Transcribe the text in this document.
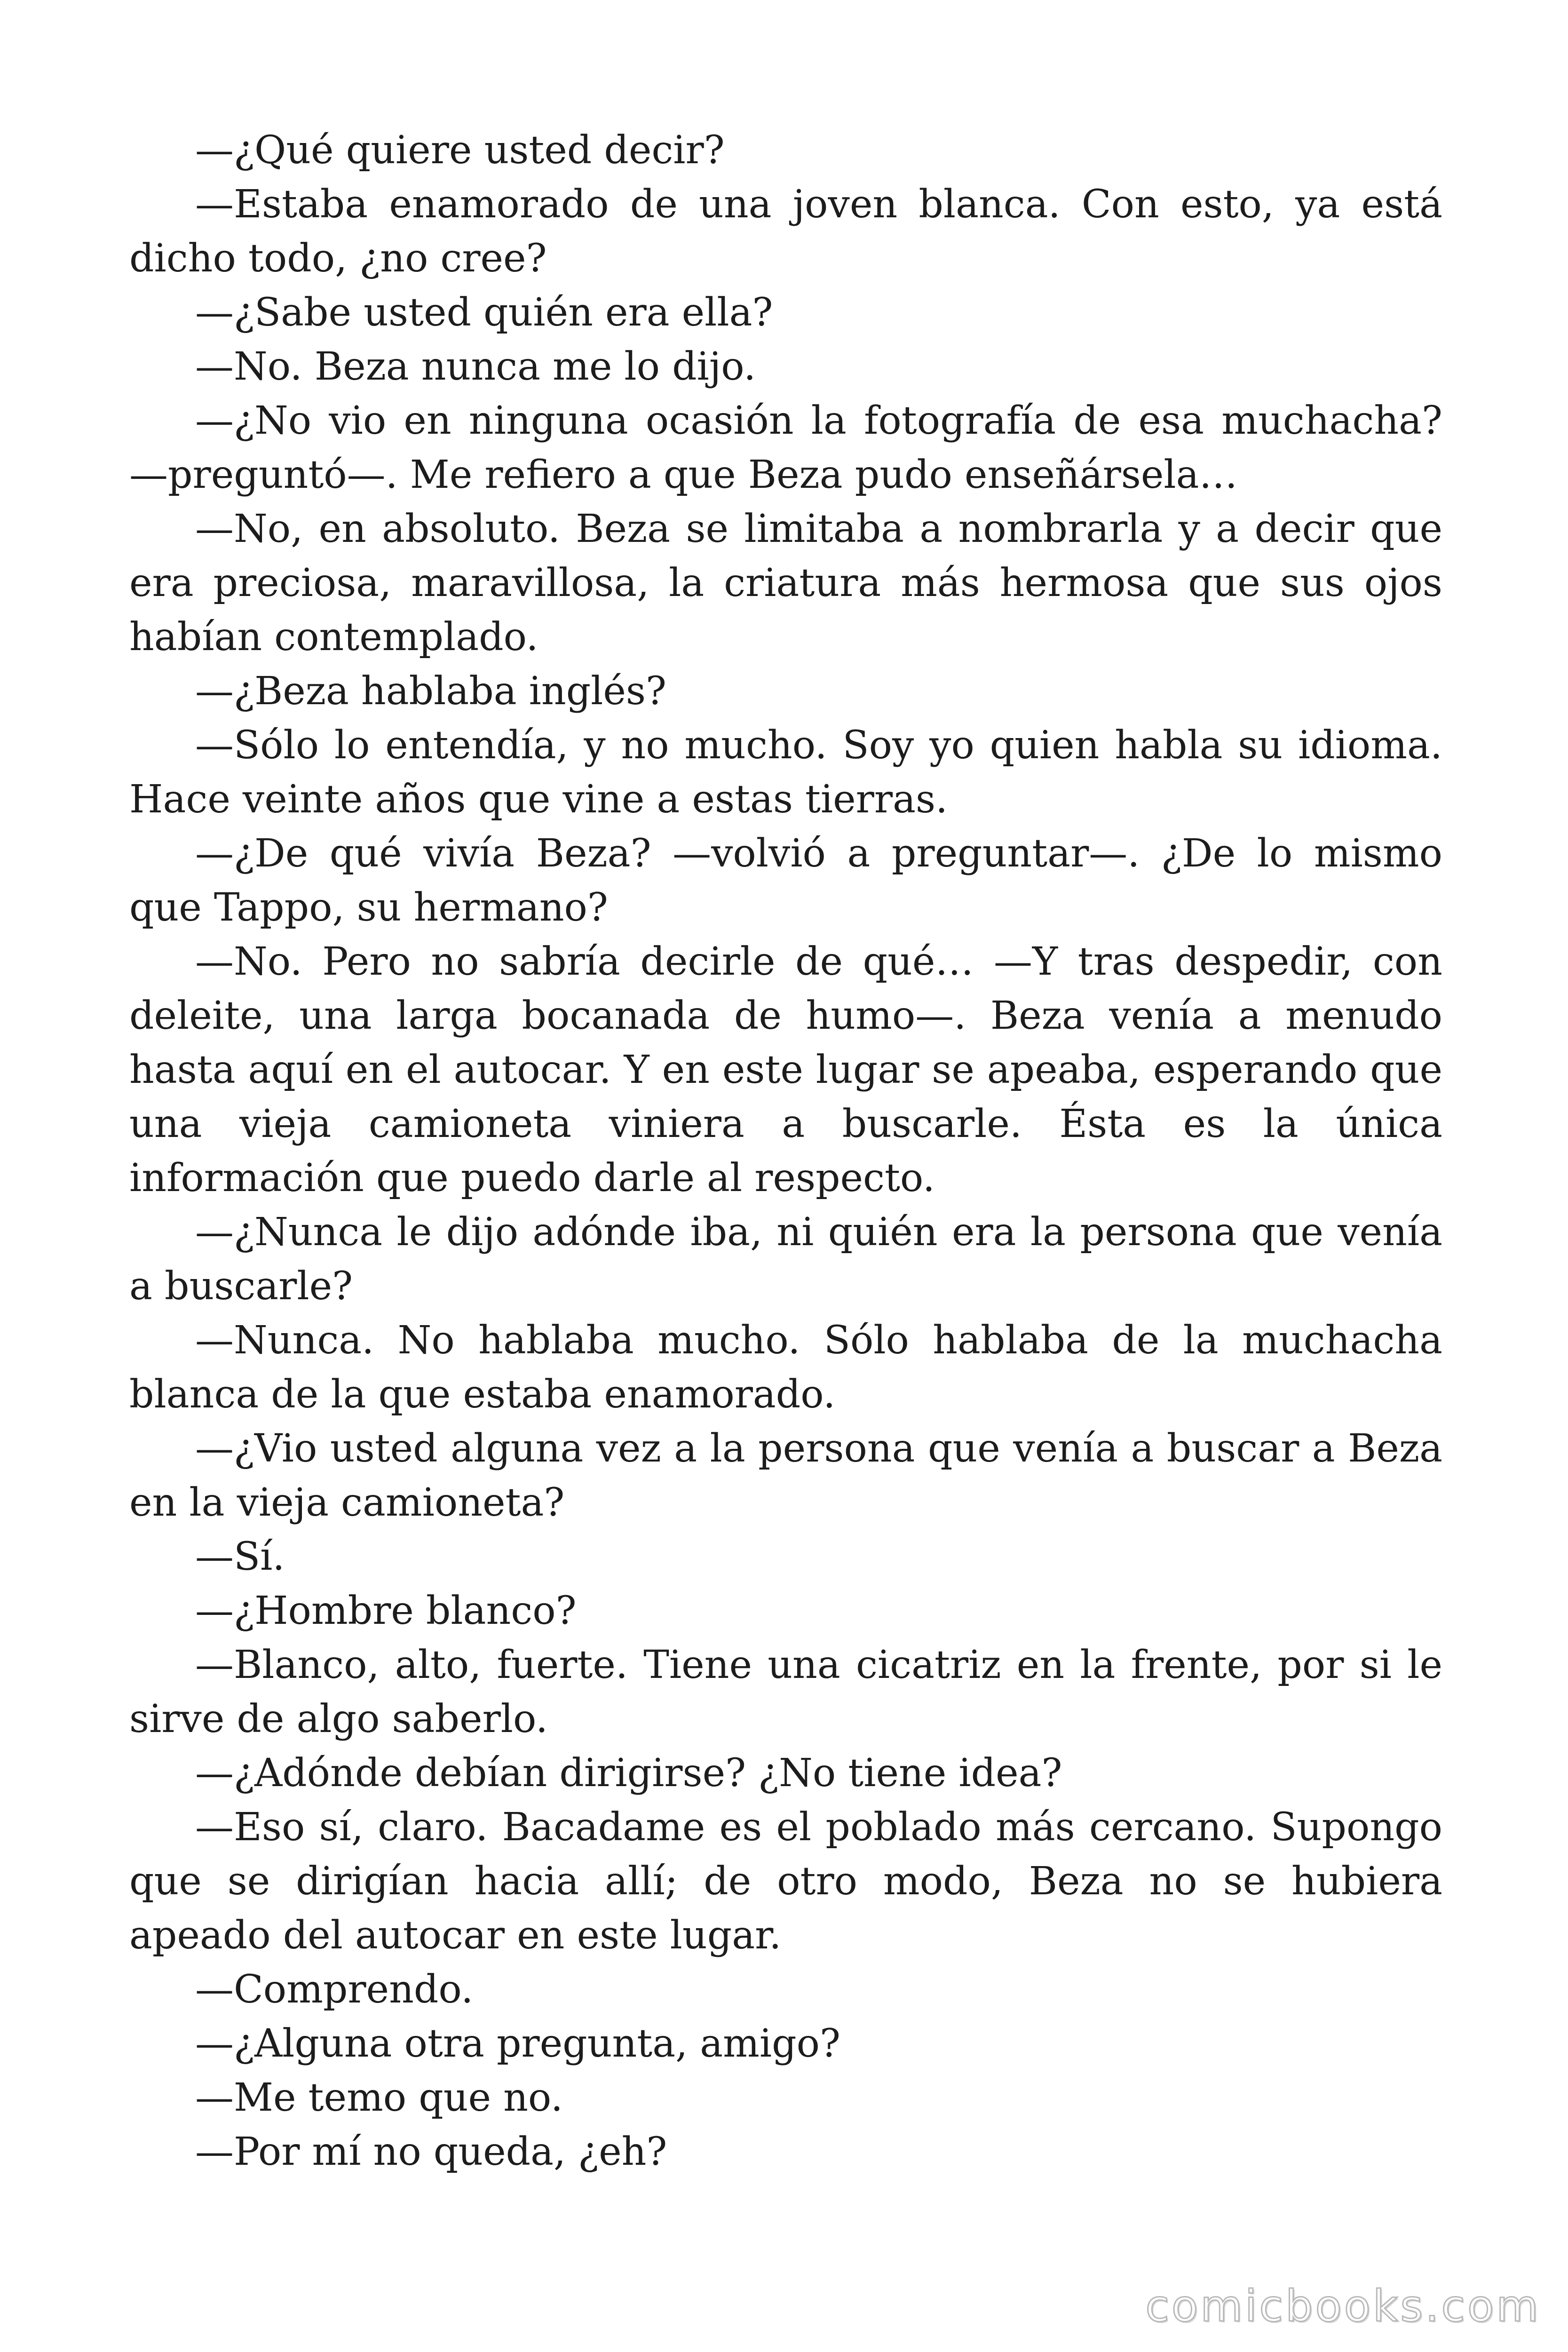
—¿Qué quiere usted decir?

—Estaba enamorado de una joven blanca. Con esto, ya está dicho todo, ¿no cree?

—¿Sabe usted quién era ella?

—No. Beza nunca me lo dijo.

—¿No vio en ninguna ocasión la fotografía de esa muchacha? —preguntó—. Me refiero a que Beza pudo enseñársela…

—No, en absoluto. Beza se limitaba a nombrarla y a decir que era preciosa, maravillosa, la criatura más hermosa que sus ojos habían contemplado.

—¿Beza hablaba inglés?

—Sólo lo entendía, y no mucho. Soy yo quien habla su idioma. Hace veinte años que vine a estas tierras.

—¿De qué vivía Beza? —volvió a preguntar—. ¿De lo mismo que Tappo, su hermano?

—No. Pero no sabría decirle de qué… —Y tras despedir, con deleite, una larga bocanada de humo—. Beza venía a menudo hasta aquí en el autocar. Y en este lugar se apeaba, esperando que una vieja camioneta viniera a buscarle. Ésta es la única información que puedo darle al respecto.

—¿Nunca le dijo adónde iba, ni quién era la persona que venía a buscarle?

—Nunca. No hablaba mucho. Sólo hablaba de la muchacha blanca de la que estaba enamorado.

—¿Vio usted alguna vez a la persona que venía a buscar a Beza en la vieja camioneta?

—Sí.

—¿Hombre blanco?

—Blanco, alto, fuerte. Tiene una cicatriz en la frente, por si le sirve de algo saberlo.

—¿Adónde debían dirigirse? ¿No tiene idea?

—Eso sí, claro. Bacadame es el poblado más cercano. Supongo que se dirigían hacia allí; de otro modo, Beza no se hubiera apeado del autocar en este lugar.

—Comprendo.

—¿Alguna otra pregunta, amigo?

—Me temo que no.

—Por mí no queda, ¿eh?

comicbooks.com
